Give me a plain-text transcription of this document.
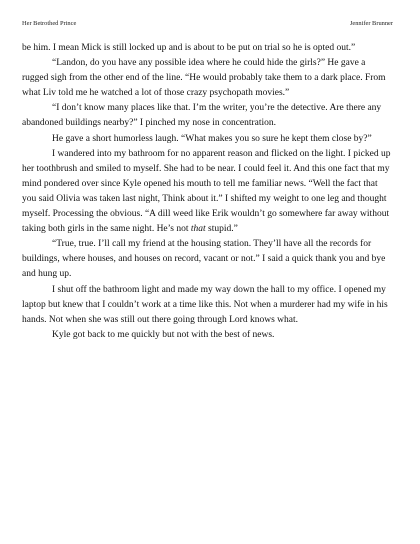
Her Betrothed Prince	Jennifer Brunner

be him. I mean Mick is still locked up and is about to be put on trial so he is opted out.”

“Landon, do you have any possible idea where he could hide the girls?” He gave a rugged sigh from the other end of the line. “He would probably take them to a dark place. From what Liv told me he watched a lot of those crazy psychopath movies.”

“I don’t know many places like that. I’m the writer, you’re the detective. Are there any abandoned buildings nearby?” I pinched my nose in concentration.

He gave a short humorless laugh. “What makes you so sure he kept them close by?”

I wandered into my bathroom for no apparent reason and flicked on the light. I picked up her toothbrush and smiled to myself. She had to be near. I could feel it. And this one fact that my mind pondered over since Kyle opened his mouth to tell me familiar news. “Well the fact that you said Olivia was taken last night, Think about it.” I shifted my weight to one leg and thought myself. Processing the obvious. “A dill weed like Erik wouldn’t go somewhere far away without taking both girls in the same night. He’s not that stupid.”

“True, true. I’ll call my friend at the housing station. They’ll have all the records for buildings, where houses, and houses on record, vacant or not.” I said a quick thank you and bye and hung up.

I shut off the bathroom light and made my way down the hall to my office. I opened my laptop but knew that I couldn’t work at a time like this. Not when a murderer had my wife in his hands. Not when she was still out there going through Lord knows what.

Kyle got back to me quickly but not with the best of news.
